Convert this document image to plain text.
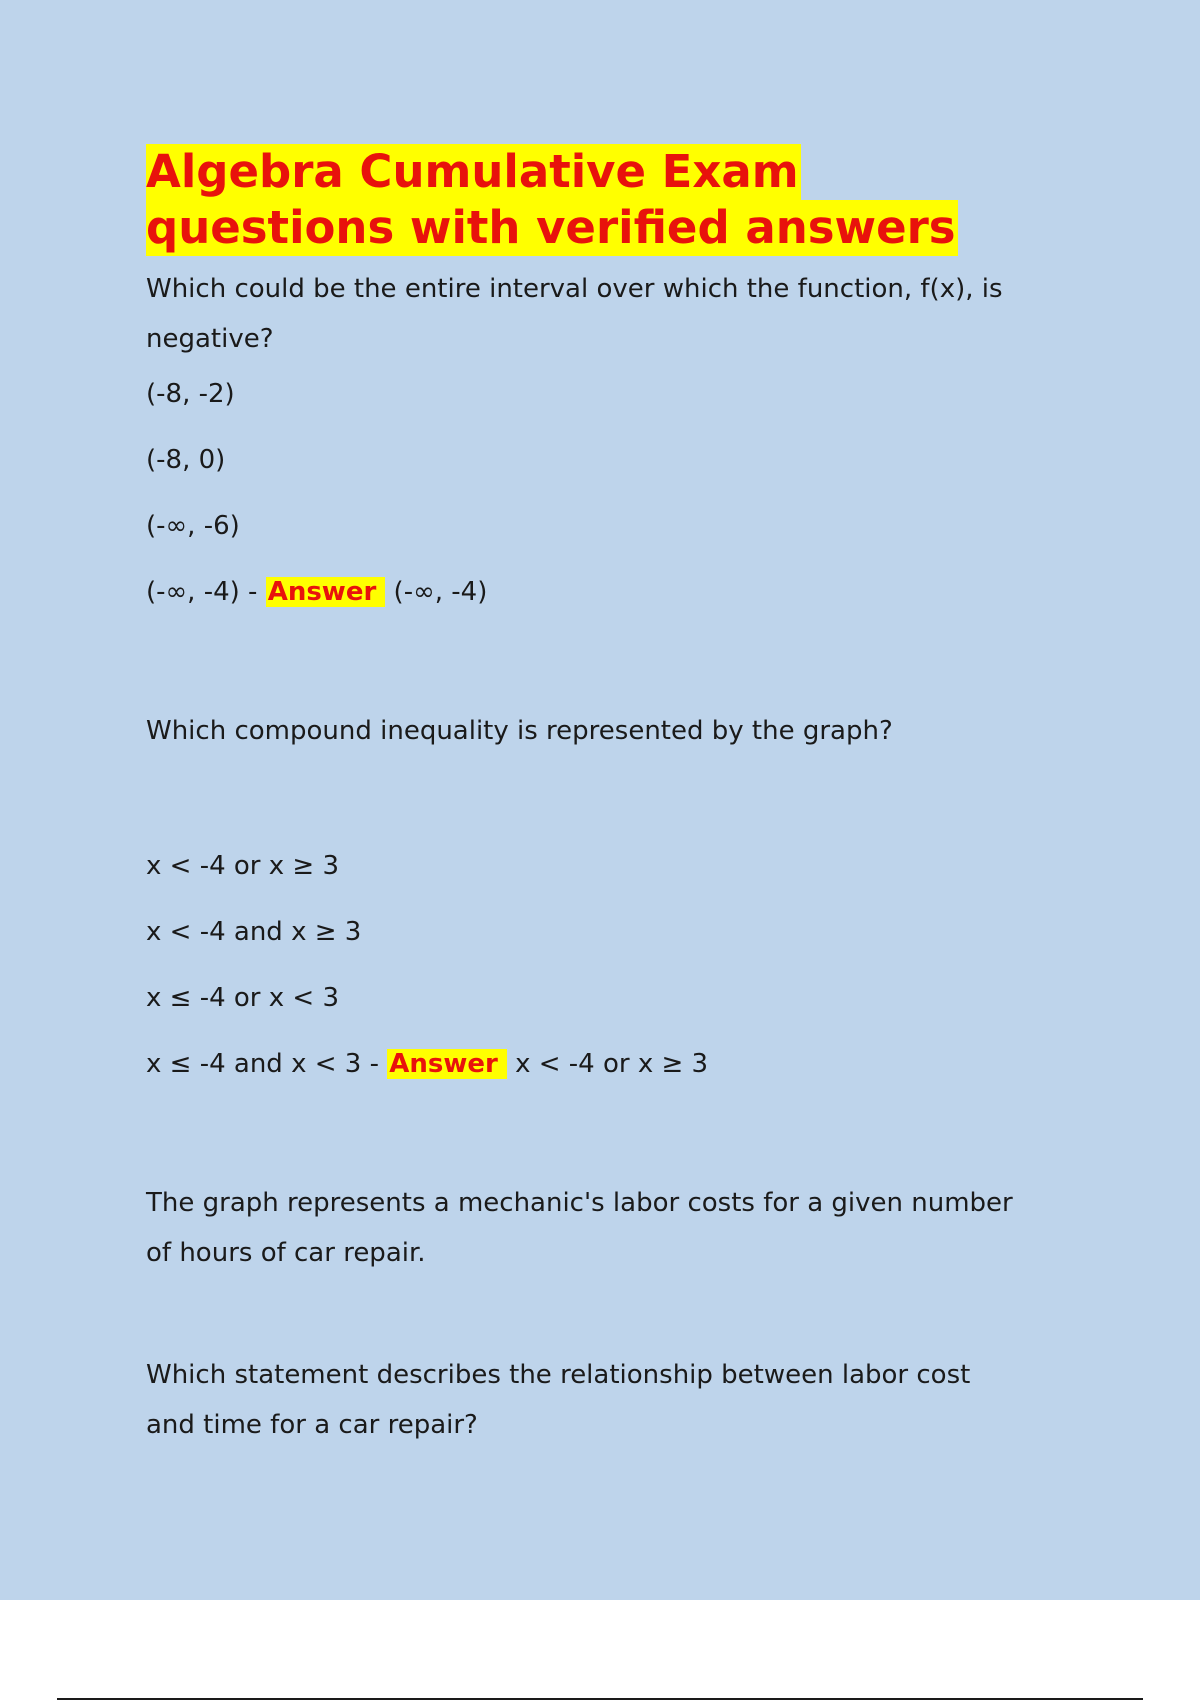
Algebra Cumulative Exam
questions with verified answers

Which could be the entire interval over which the function, f(x), is
negative?

(-8, -2)

(-8, 0)

(-∞, -6)

(-∞, -4) - Answer (-∞, -4)

Which compound inequality is represented by the graph?

x < -4 or x ≥ 3

x < -4 and x ≥ 3

x ≤ -4 or x < 3

x ≤ -4 and x < 3 - Answer x < -4 or x ≥ 3

The graph represents a mechanic's labor costs for a given number
of hours of car repair.

Which statement describes the relationship between labor cost
and time for a car repair?
